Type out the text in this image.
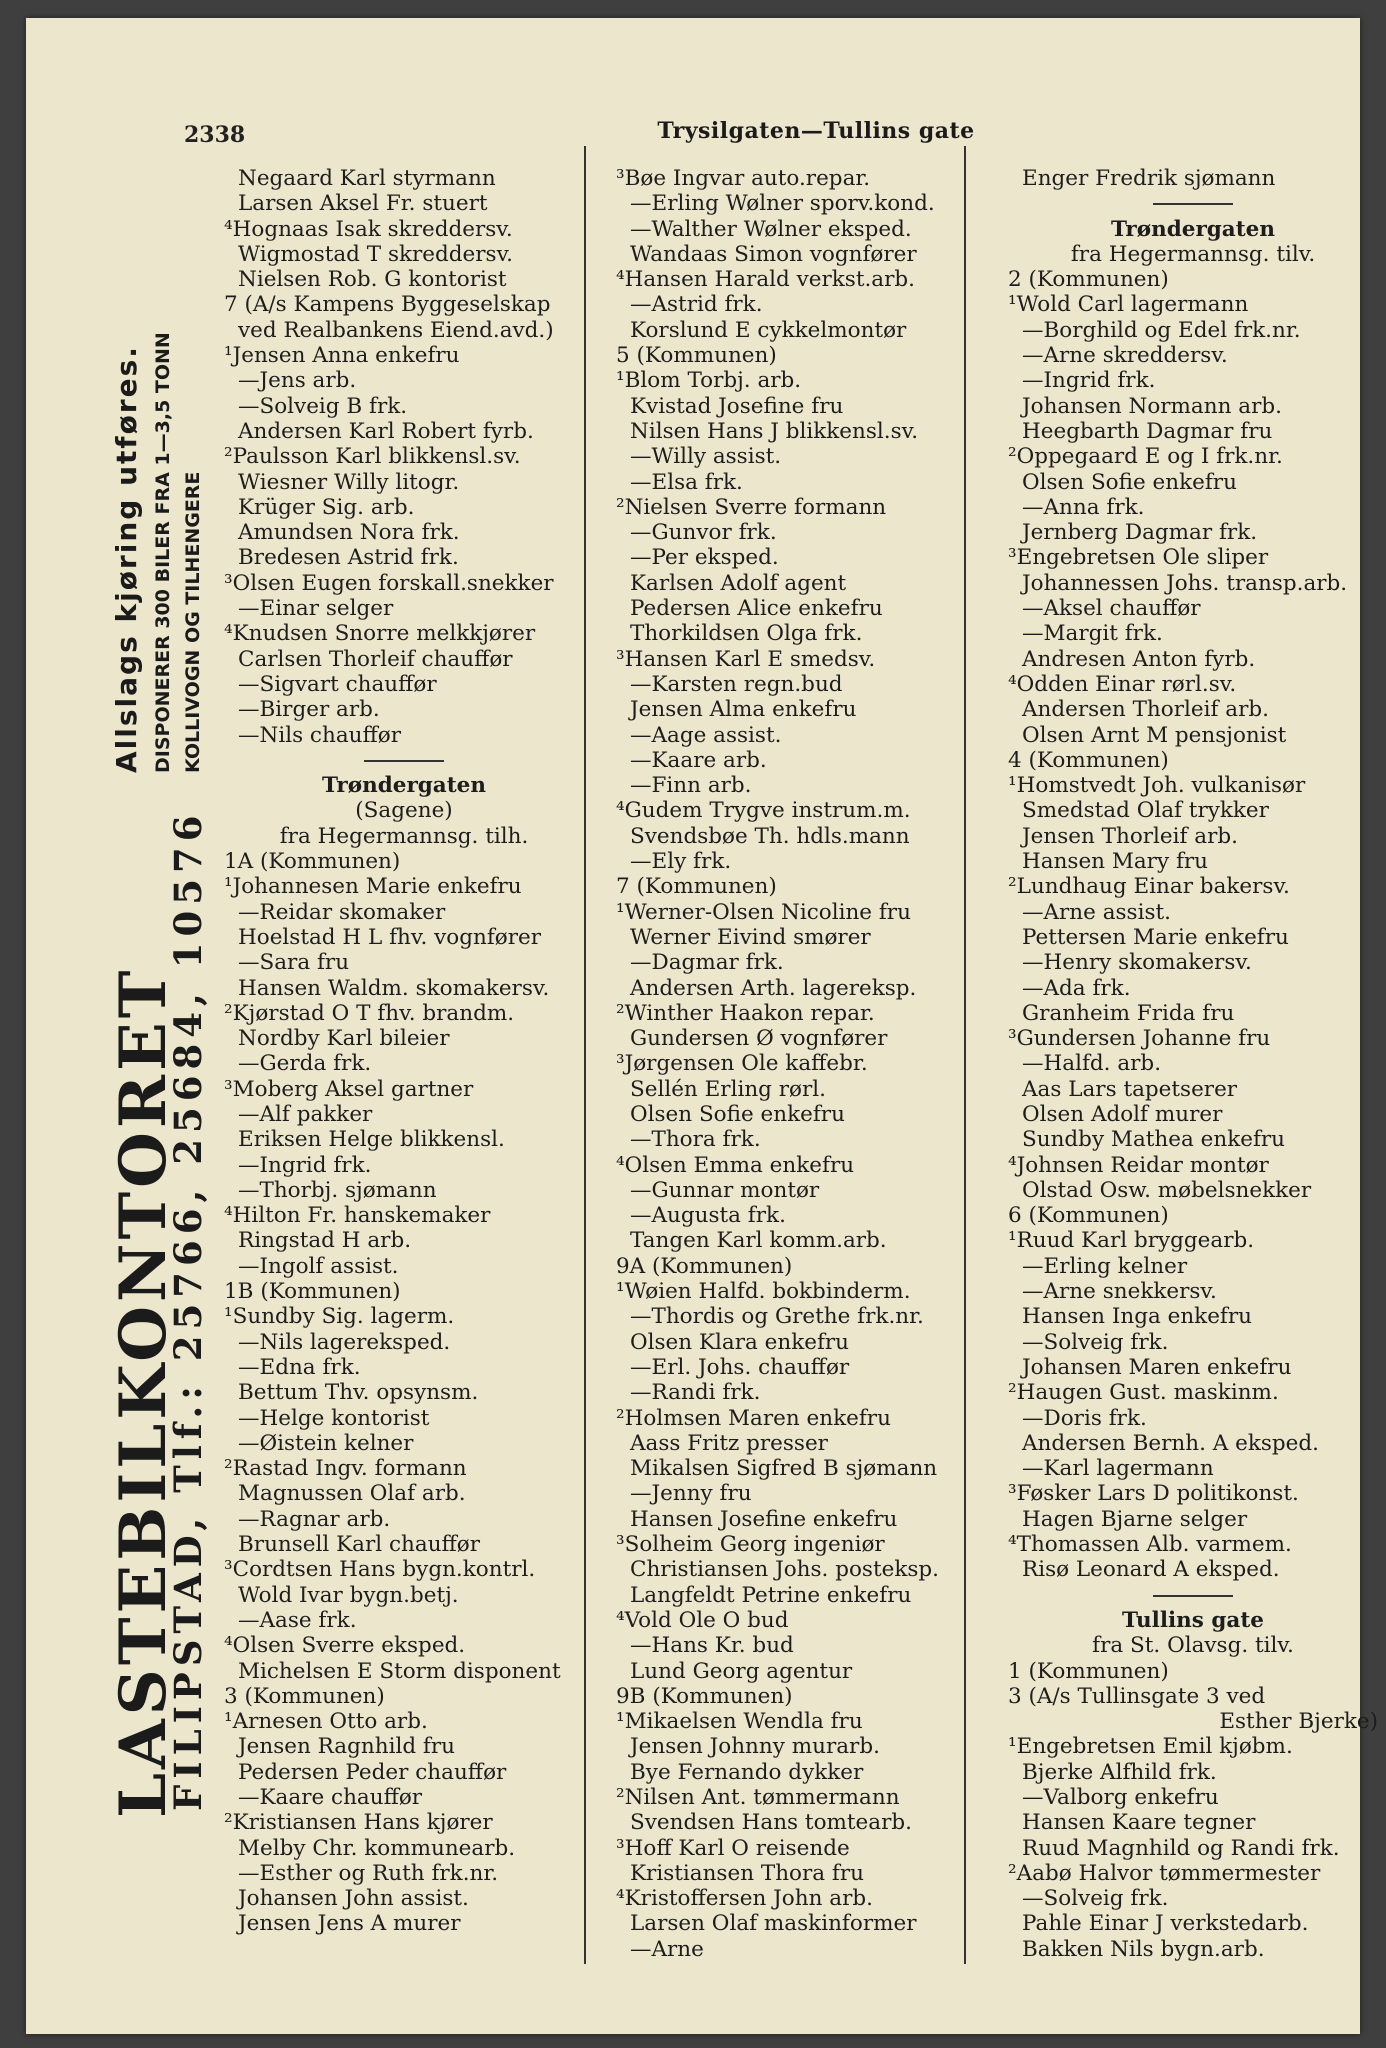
2338	Trysilgaten—Tullins gate
LASTEBILKONTORET
FILIPSTAD, Tlf.: 25766, 25684, 10576
Allslags kjøring utføres. DISPONERER 300 BILER FRA 1—3,5 TONN KOLLIVOGN OG TILHENGERE
Negaard Karl styrmann
Larsen Aksel Fr. stuert
⁴Hognaas Isak skreddersv.
Wigmostad T skreddersv.
Nielsen Rob. G kontorist
7 (A/s Kampens Byggeselskap
ved Realbankens Eiend.avd.)
¹Jensen Anna enkefru
—Jens arb.
—Solveig B frk.
Andersen Karl Robert fyrb.
²Paulsson Karl blikkensl.sv.
Wiesner Willy litogr.
Krüger Sig. arb.
Amundsen Nora frk.
Bredesen Astrid frk.
³Olsen Eugen forskall.snekker
—Einar selger
⁴Knudsen Snorre melkkjører
Carlsen Thorleif chauffør
—Sigvart chauffør
—Birger arb.
—Nils chauffør
Trøndergaten
(Sagene)
fra Hegermannsg. tilh.
1A (Kommunen)
¹Johannesen Marie enkefru
—Reidar skomaker
Hoelstad H L fhv. vognfører
—Sara fru
Hansen Waldm. skomakersv.
²Kjørstad O T fhv. brandm.
Nordby Karl bileier
—Gerda frk.
³Moberg Aksel gartner
—Alf pakker
Eriksen Helge blikkensl.
—Ingrid frk.
—Thorbj. sjømann
⁴Hilton Fr. hanskemaker
Ringstad H arb.
—Ingolf assist.
1B (Kommunen)
¹Sundby Sig. lagerm.
—Nils lagereksped.
—Edna frk.
Bettum Thv. opsynsm.
—Helge kontorist
—Øistein kelner
²Rastad Ingv. formann
Magnussen Olaf arb.
—Ragnar arb.
Brunsell Karl chauffør
³Cordtsen Hans bygn.kontrl.
Wold Ivar bygn.betj.
—Aase frk.
⁴Olsen Sverre eksped.
Michelsen E Storm disponent
3 (Kommunen)
¹Arnesen Otto arb.
Jensen Ragnhild fru
Pedersen Peder chauffør
—Kaare chauffør
²Kristiansen Hans kjører
Melby Chr. kommunearb.
—Esther og Ruth frk.nr.
Johansen John assist.
Jensen Jens A murer
³Bøe Ingvar auto.repar.
—Erling Wølner sporv.kond.
—Walther Wølner eksped.
Wandaas Simon vognfører
⁴Hansen Harald verkst.arb.
—Astrid frk.
Korslund E cykkelmontør
5 (Kommunen)
¹Blom Torbj. arb.
Kvistad Josefine fru
Nilsen Hans J blikkensl.sv.
—Willy assist.
—Elsa frk.
²Nielsen Sverre formann
—Gunvor frk.
—Per eksped.
Karlsen Adolf agent
Pedersen Alice enkefru
Thorkildsen Olga frk.
³Hansen Karl E smedsv.
—Karsten regn.bud
Jensen Alma enkefru
—Aage assist.
—Kaare arb.
—Finn arb.
⁴Gudem Trygve instrum.m.
Svendsbøe Th. hdls.mann
—Ely frk.
7 (Kommunen)
¹Werner-Olsen Nicoline fru
Werner Eivind smører
—Dagmar frk.
Andersen Arth. lagereksp.
²Winther Haakon repar.
Gundersen Ø vognfører
³Jørgensen Ole kaffebr.
Sellén Erling rørl.
Olsen Sofie enkefru
—Thora frk.
⁴Olsen Emma enkefru
—Gunnar montør
—Augusta frk.
Tangen Karl komm.arb.
9A (Kommunen)
¹Wøien Halfd. bokbinderm.
—Thordis og Grethe frk.nr.
Olsen Klara enkefru
—Erl. Johs. chauffør
—Randi frk.
²Holmsen Maren enkefru
Aass Fritz presser
Mikalsen Sigfred B sjømann
—Jenny fru
Hansen Josefine enkefru
³Solheim Georg ingeniør
Christiansen Johs. posteksp.
Langfeldt Petrine enkefru
⁴Vold Ole O bud
—Hans Kr. bud
Lund Georg agentur
9B (Kommunen)
¹Mikaelsen Wendla fru
Jensen Johnny murarb.
Bye Fernando dykker
²Nilsen Ant. tømmermann
Svendsen Hans tomtearb.
³Hoff Karl O reisende
Kristiansen Thora fru
⁴Kristoffersen John arb.
Larsen Olaf maskinformer
—Arne
Enger Fredrik sjømann
Trøndergaten
fra Hegermannsg. tilv.
2 (Kommunen)
¹Wold Carl lagermann
—Borghild og Edel frk.nr.
—Arne skreddersv.
—Ingrid frk.
Johansen Normann arb.
Heegbarth Dagmar fru
²Oppegaard E og I frk.nr.
Olsen Sofie enkefru
—Anna frk.
Jernberg Dagmar frk.
³Engebretsen Ole sliper
Johannessen Johs. transp.arb.
—Aksel chauffør
—Margit frk.
Andresen Anton fyrb.
⁴Odden Einar rørl.sv.
Andersen Thorleif arb.
Olsen Arnt M pensjonist
4 (Kommunen)
¹Homstvedt Joh. vulkanisør
Smedstad Olaf trykker
Jensen Thorleif arb.
Hansen Mary fru
²Lundhaug Einar bakersv.
—Arne assist.
Pettersen Marie enkefru
—Henry skomakersv.
—Ada frk.
Granheim Frida fru
³Gundersen Johanne fru
—Halfd. arb.
Aas Lars tapetserer
Olsen Adolf murer
Sundby Mathea enkefru
⁴Johnsen Reidar montør
Olstad Osw. møbelsnekker
6 (Kommunen)
¹Ruud Karl bryggearb.
—Erling kelner
—Arne snekkersv.
Hansen Inga enkefru
—Solveig frk.
Johansen Maren enkefru
²Haugen Gust. maskinm.
—Doris frk.
Andersen Bernh. A eksped.
—Karl lagermann
³Føsker Lars D politikonst.
Hagen Bjarne selger
⁴Thomassen Alb. varmem.
Risø Leonard A eksped.
Tullins gate
fra St. Olavsg. tilv.
1 (Kommunen)
3 (A/s Tullinsgate 3 ved
Esther Bjerke)
¹Engebretsen Emil kjøbm.
Bjerke Alfhild frk.
—Valborg enkefru
Hansen Kaare tegner
Ruud Magnhild og Randi frk.
²Aabø Halvor tømmermester
—Solveig frk.
Pahle Einar J verkstedarb.
Bakken Nils bygn.arb.
